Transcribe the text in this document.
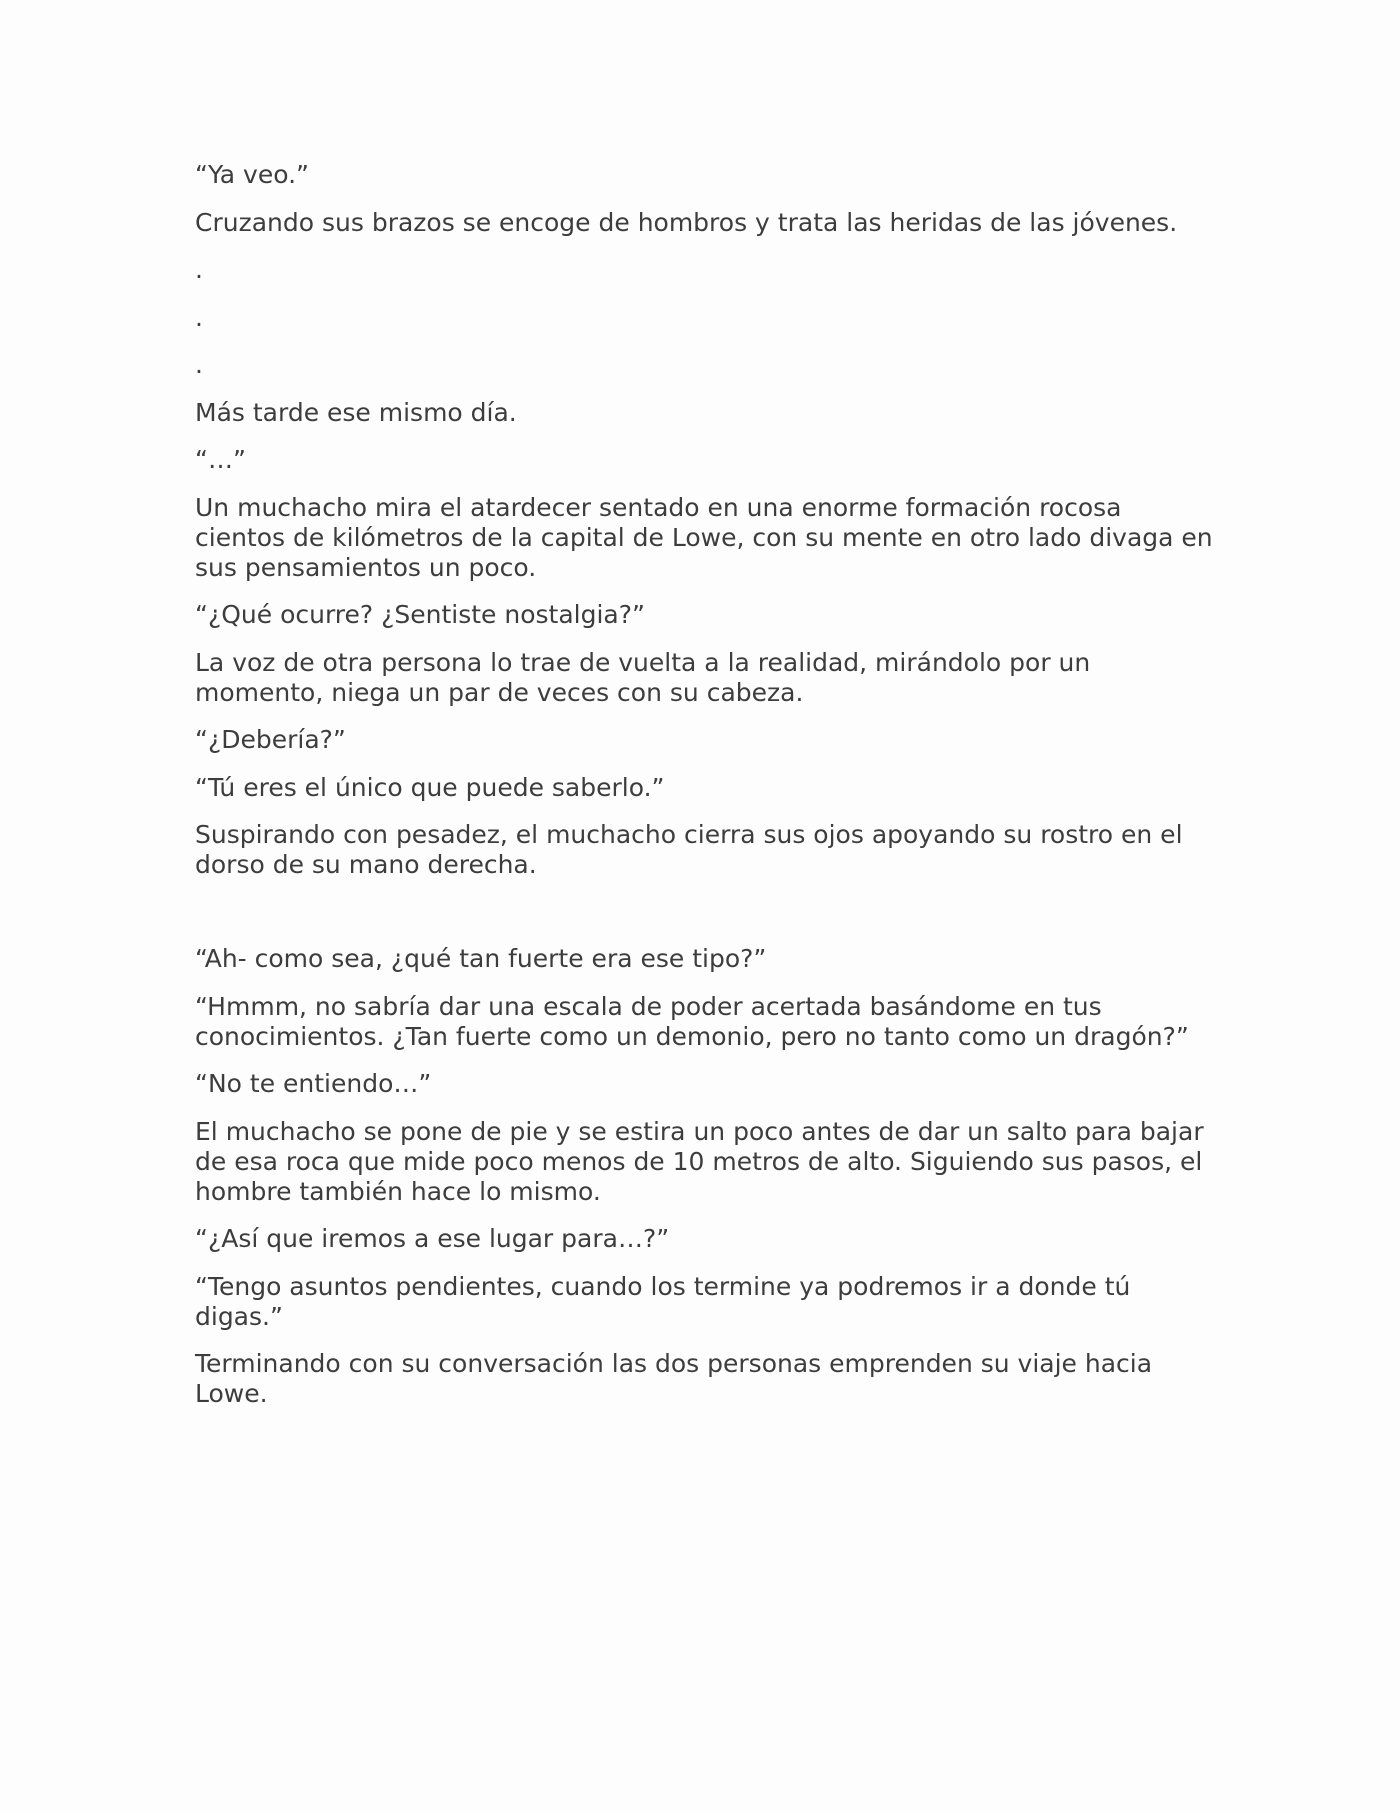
“Ya veo.”

Cruzando sus brazos se encoge de hombros y trata las heridas de las jóvenes.

.

.

.

Más tarde ese mismo día.

“…”

Un muchacho mira el atardecer sentado en una enorme formación rocosa cientos de kilómetros de la capital de Lowe, con su mente en otro lado divaga en sus pensamientos un poco.

“¿Qué ocurre? ¿Sentiste nostalgia?”

La voz de otra persona lo trae de vuelta a la realidad, mirándolo por un momento, niega un par de veces con su cabeza.

“¿Debería?”

“Tú eres el único que puede saberlo.”

Suspirando con pesadez, el muchacho cierra sus ojos apoyando su rostro en el dorso de su mano derecha.

“Ah- como sea, ¿qué tan fuerte era ese tipo?”

“Hmmm, no sabría dar una escala de poder acertada basándome en tus conocimientos. ¿Tan fuerte como un demonio, pero no tanto como un dragón?”

“No te entiendo…”

El muchacho se pone de pie y se estira un poco antes de dar un salto para bajar de esa roca que mide poco menos de 10 metros de alto. Siguiendo sus pasos, el hombre también hace lo mismo.

“¿Así que iremos a ese lugar para…?”

“Tengo asuntos pendientes, cuando los termine ya podremos ir a donde tú digas.”

Terminando con su conversación las dos personas emprenden su viaje hacia Lowe.
